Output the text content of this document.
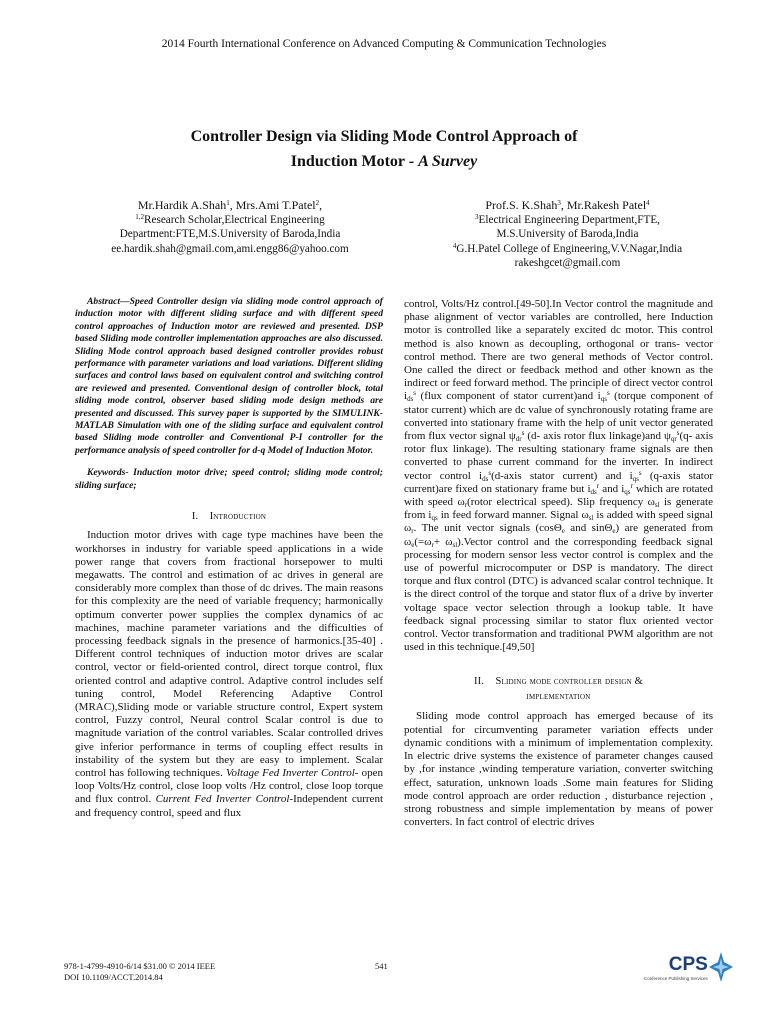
2014 Fourth International Conference on Advanced Computing & Communication Technologies
Controller Design via Sliding Mode Control Approach of
Induction Motor - A Survey
Mr.Hardik A.Shah$^1$, Mrs.Ami T.Patel$^2$,
$^{1,2}$Research Scholar,Electrical Engineering
Department:FTE,M.S.University of Baroda,India
ee.hardik.shah@gmail.com,ami.engg86@yahoo.com
Prof.S. K.Shah$^3$, Mr.Rakesh Patel$^4$
$^3$Electrical Engineering Department,FTE,
M.S.University of Baroda,India
$^4$G.H.Patel College of Engineering,V.V.Nagar,India
rakeshgcet@gmail.com

Abstract—Speed Controller design via sliding mode control approach of induction motor with different sliding surface and with different speed control approaches of Induction motor are reviewed and presented. DSP based Sliding mode controller implementation approaches are also discussed. Sliding Mode control approach based designed controller provides robust performance with parameter variations and load variations. Different sliding surfaces and control laws based on equivalent control and switching control are reviewed and presented. Conventional design of controller block, total sliding mode control, observer based sliding mode design methods are presented and discussed. This survey paper is supported by the SIMULINK-MATLAB Simulation with one of the sliding surface and equivalent control based Sliding mode controller and Conventional P-I controller for the performance analysis of speed controller for d-q Model of Induction Motor.

Keywords- Induction motor drive; speed control; sliding mode control; sliding surface;

I. Introduction

Induction motor drives with cage type machines have been the workhorses in industry for variable speed applications in a wide power range that covers from fractional horsepower to multi megawatts. The control and estimation of ac drives in general are considerably more complex than those of dc drives. The main reasons for this complexity are the need of variable frequency; harmonically optimum converter power supplies the complex dynamics of ac machines, machine parameter variations and the difficulties of processing feedback signals in the presence of harmonics.[35-40] . Different control techniques of induction motor drives are scalar control, vector or field-oriented control, direct torque control, flux oriented control and adaptive control. Adaptive control includes self tuning control, Model Referencing Adaptive Control (MRAC),Sliding mode or variable structure control, Expert system control, Fuzzy control, Neural control Scalar control is due to magnitude variation of the control variables. Scalar controlled drives give inferior performance in terms of coupling effect results in instability of the system but they are easy to implement. Scalar control has following techniques. Voltage Fed Inverter Control- open loop Volts/Hz control, close loop volts /Hz control, close loop torque and flux control. Current Fed Inverter Control-Independent current and frequency control, speed and flux

control, Volts/Hz control.[49-50].In Vector control the magnitude and phase alignment of vector variables are controlled, here Induction motor is controlled like a separately excited dc motor. This control method is also known as decoupling, orthogonal or trans- vector control method. There are two general methods of Vector control. One called the direct or feedback method and other known as the indirect or feed forward method. The principle of direct vector control $i_{ds}^s$ (flux component of stator current)and $i_{qs}^s$ (torque component of stator current) which are dc value of synchronously rotating frame are converted into stationary frame with the help of unit vector generated from flux vector signal $\psi_{dr}^s$ (d- axis rotor flux linkage)and $\psi_{qr}^s(q-$ axis rotor flux linkage). The resulting stationary frame signals are then converted to phase current command for the inverter. In indirect vector control $i_{ds}^s(d$-axis stator current) and $i_{qs}^s$ (q-axis stator current)are fixed on stationary frame but $i_{ds}^r$ and $i_{qs}^r$ which are rotated with speed $\omega_r(rotor$ electrical speed). Slip frequency $\omega_{sl}$ is generate from $i_{qs}$ in feed forward manner. Signal $\omega_{sl}$ is added with speed signal $\omega_r$. The unit vector signals (cosΘ$_e$ and sinΘ$_e$) are generated from $\omega_e(=\omega_r+$ $\omega_{sl}).Vector$ control and the corresponding feedback signal processing for modern sensor less vector control is complex and the use of powerful microcomputer or DSP is mandatory. The direct torque and flux control (DTC) is advanced scalar control technique. It is the direct control of the torque and stator flux of a drive by inverter voltage space vector selection through a lookup table. It have feedback signal processing similar to stator flux oriented vector control. Vector transformation and traditional PWM algorithm are not used in this technique.[49,50]

II. Sliding mode controller design &
implementation

Sliding mode control approach has emerged because of its potential for circumventing parameter variation effects under dynamic conditions with a minimum of implementation complexity. In electric drive systems the existence of parameter changes caused by ,for instance ,winding temperature variation, converter switching effect, saturation, unknown loads .Some main features for Sliding mode control approach are order reduction , disturbance rejection , strong robustness and simple implementation by means of power converters. In fact control of electric drives

978-1-4799-4910-6/14 $31.00 © 2014 IEEE
DOI 10.1109/ACCT.2014.84
541	CPS
Conference Publishing Services
